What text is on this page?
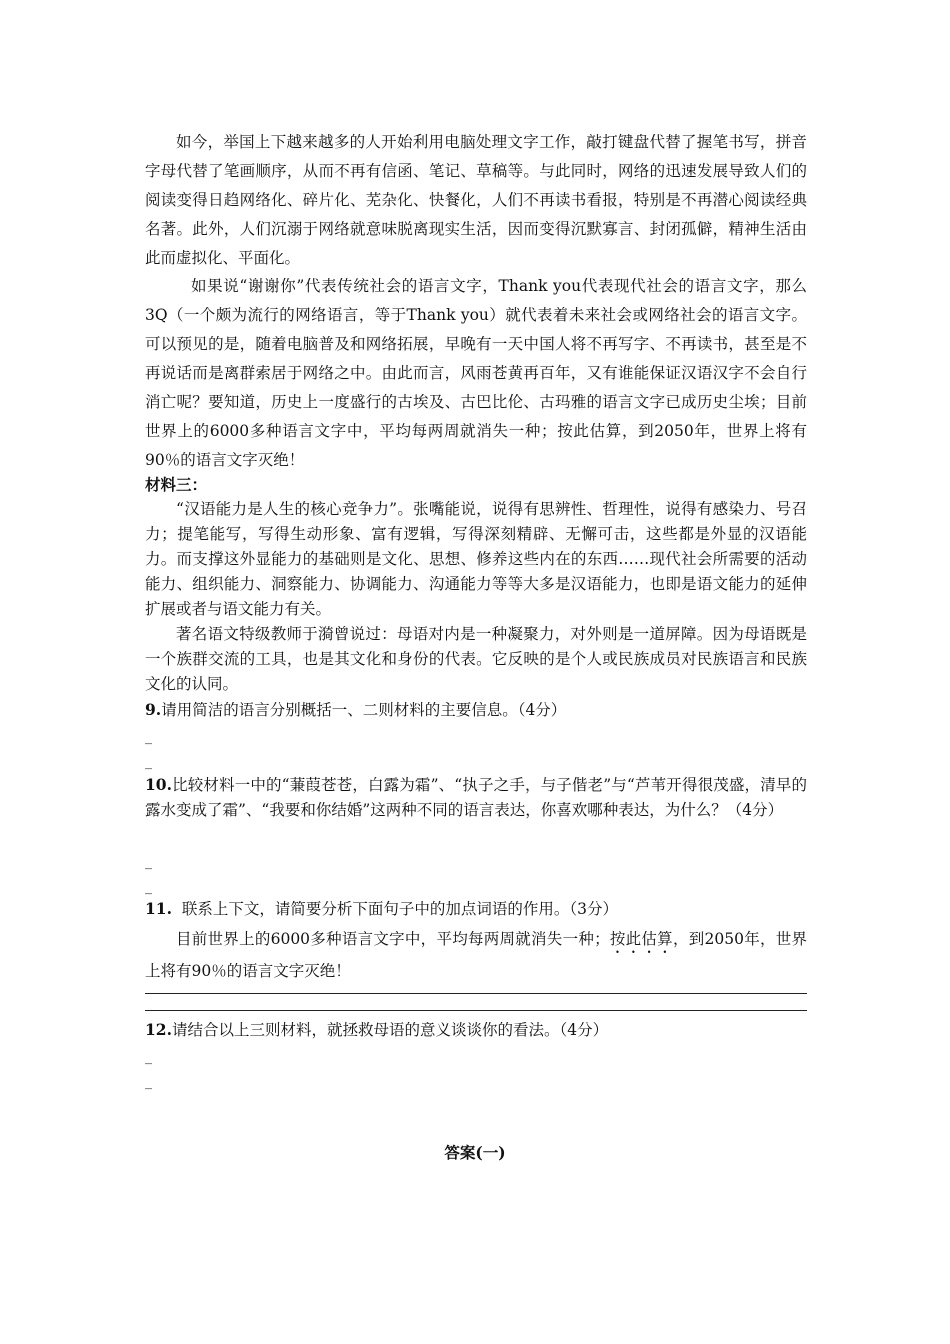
如今，举国上下越来越多的人开始利用电脑处理文字工作，敲打键盘代替了握笔书写，拼音字母代替了笔画顺序，从而不再有信函、笔记、草稿等。与此同时，网络的迅速发展导致人们的阅读变得日趋网络化、碎片化、芜杂化、快餐化，人们不再读书看报，特别是不再潜心阅读经典名著。此外，人们沉溺于网络就意味脱离现实生活，因而变得沉默寡言、封闭孤僻，精神生活由此而虚拟化、平面化。
如果说“谢谢你”代表传统社会的语言文字，Thank you代表现代社会的语言文字，那么3Q（一个颇为流行的网络语言，等于Thank you）就代表着未来社会或网络社会的语言文字。可以预见的是，随着电脑普及和网络拓展，早晚有一天中国人将不再写字、不再读书，甚至是不再说话而是离群索居于网络之中。由此而言，风雨苍黄再百年，又有谁能保证汉语汉字不会自行消亡呢？要知道，历史上一度盛行的古埃及、古巴比伦、古玛雅的语言文字已成历史尘埃；目前世界上的6000多种语言文字中，平均每两周就消失一种；按此估算，到2050年，世界上将有90％的语言文字灭绝！
材料三：
“汉语能力是人生的核心竞争力”。张嘴能说，说得有思辨性、哲理性，说得有感染力、号召力；提笔能写，写得生动形象、富有逻辑，写得深刻精辟、无懈可击，这些都是外显的汉语能力。而支撑这外显能力的基础则是文化、思想、修养这些内在的东西……现代社会所需要的活动能力、组织能力、洞察能力、协调能力、沟通能力等等大多是汉语能力，也即是语文能力的延伸扩展或者与语文能力有关。
著名语文特级教师于漪曾说过：母语对内是一种凝聚力，对外则是一道屏障。因为母语既是一个族群交流的工具，也是其文化和身份的代表。它反映的是个人或民族成员对民族语言和民族文化的认同。
9.请用简洁的语言分别概括一、二则材料的主要信息。（4分）
_
_
10.比较材料一中的“蒹葭苍苍，白露为霜”、“执子之手，与子偕老”与“芦苇开得很茂盛，清早的露水变成了霜”、“我要和你结婚”这两种不同的语言表达，你喜欢哪种表达，为什么？（4分）
_
_
11. 联系上下文，请简要分析下面句子中的加点词语的作用。（3分）
目前世界上的6000多种语言文字中，平均每两周就消失一种；按此估算，到2050年，世界上将有90％的语言文字灭绝！
12.请结合以上三则材料，就拯救母语的意义谈谈你的看法。（4分）
_
_
答案(一)
